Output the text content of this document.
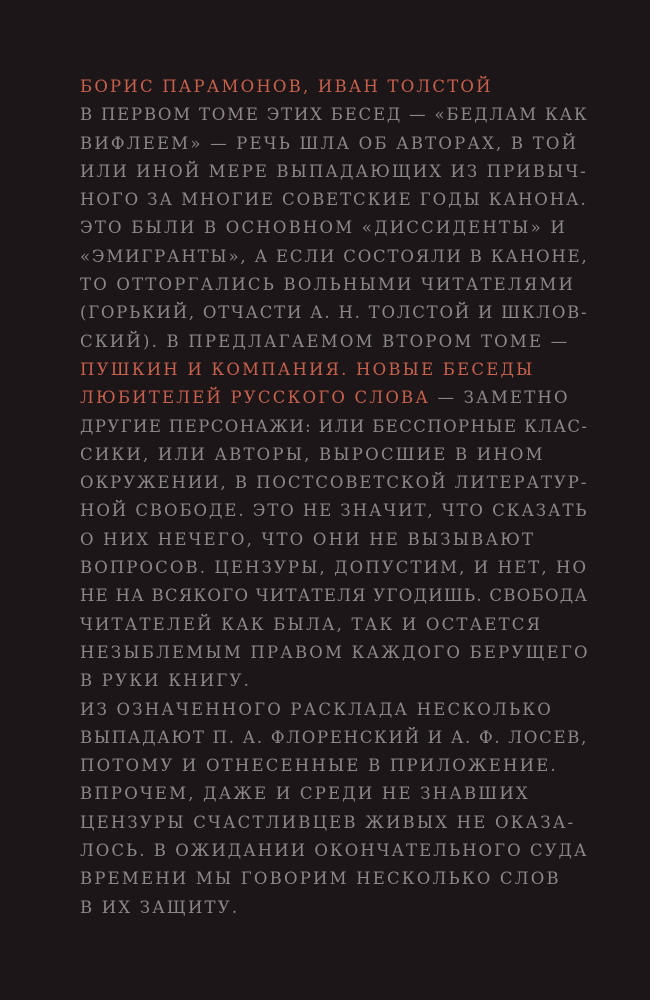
БОРИС ПАРАМОНОВ, ИВАН ТОЛСТОЙ
В ПЕРВОМ ТОМЕ ЭТИХ БЕСЕД — «БЕДЛАМ КАК
ВИФЛЕЕМ» — РЕЧЬ ШЛА ОБ АВТОРАХ, В ТОЙ
ИЛИ ИНОЙ МЕРЕ ВЫПАДАЮЩИХ ИЗ ПРИВЫЧ-
НОГО ЗА МНОГИЕ СОВЕТСКИЕ ГОДЫ КАНОНА.
ЭТО БЫЛИ В ОСНОВНОМ «ДИССИДЕНТЫ» И
«ЭМИГРАНТЫ», А ЕСЛИ СОСТОЯЛИ В КАНОНЕ,
ТО ОТТОРГАЛИСЬ ВОЛЬНЫМИ ЧИТАТЕЛЯМИ
(ГОРЬКИЙ, ОТЧАСТИ А. Н. ТОЛСТОЙ И ШКЛОВ-
СКИЙ). В ПРЕДЛАГАЕМОМ ВТОРОМ ТОМЕ —
ПУШКИН И КОМПАНИЯ. НОВЫЕ БЕСЕДЫ
ЛЮБИТЕЛЕЙ РУССКОГО СЛОВА — ЗАМЕТНО
ДРУГИЕ ПЕРСОНАЖИ: ИЛИ БЕССПОРНЫЕ КЛАС-
СИКИ, ИЛИ АВТОРЫ, ВЫРОСШИЕ В ИНОМ
ОКРУЖЕНИИ, В ПОСТСОВЕТСКОЙ ЛИТЕРАТУР-
НОЙ СВОБОДЕ. ЭТО НЕ ЗНАЧИТ, ЧТО СКАЗАТЬ
О НИХ НЕЧЕГО, ЧТО ОНИ НЕ ВЫЗЫВАЮТ
ВОПРОСОВ. ЦЕНЗУРЫ, ДОПУСТИМ, И НЕТ, НО
НЕ НА ВСЯКОГО ЧИТАТЕЛЯ УГОДИШЬ. СВОБОДА
ЧИТАТЕЛЕЙ КАК БЫЛА, ТАК И ОСТАЕТСЯ
НЕЗЫБЛЕМЫМ ПРАВОМ КАЖДОГО БЕРУЩЕГО
В РУКИ КНИГУ.
ИЗ ОЗНАЧЕННОГО РАСКЛАДА НЕСКОЛЬКО
ВЫПАДАЮТ П. А. ФЛОРЕНСКИЙ И А. Ф. ЛОСЕВ,
ПОТОМУ И ОТНЕСЕННЫЕ В ПРИЛОЖЕНИЕ.
ВПРОЧЕМ, ДАЖЕ И СРЕДИ НЕ ЗНАВШИХ
ЦЕНЗУРЫ СЧАСТЛИВЦЕВ ЖИВЫХ НЕ ОКАЗА-
ЛОСЬ. В ОЖИДАНИИ ОКОНЧАТЕЛЬНОГО СУДА
ВРЕМЕНИ МЫ ГОВОРИМ НЕСКОЛЬКО СЛОВ
В ИХ ЗАЩИТУ.
